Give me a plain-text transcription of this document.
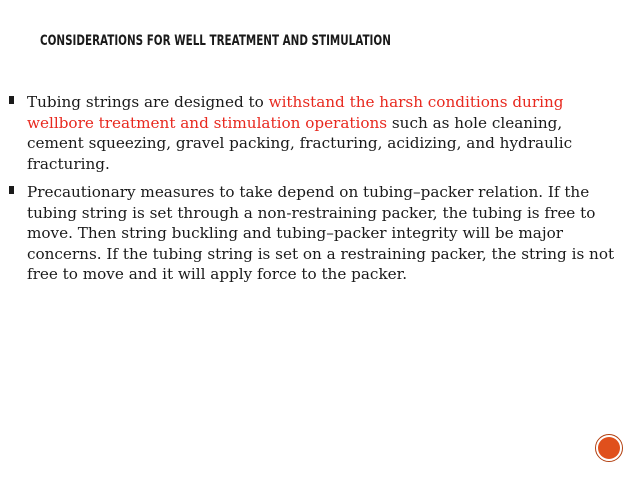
CONSIDERATIONS FOR WELL TREATMENT AND STIMULATION
Tubing strings are designed to withstand the harsh conditions during wellbore treatment and stimulation operations such as hole cleaning, cement squeezing, gravel packing, fracturing, acidizing, and hydraulic fracturing.
Precautionary measures to take depend on tubing–packer relation. If the tubing string is set through a non-restraining packer, the tubing is free to move. Then string buckling and tubing–packer integrity will be major concerns. If the tubing string is set on a restraining packer, the string is not free to move and it will apply force to the packer.
